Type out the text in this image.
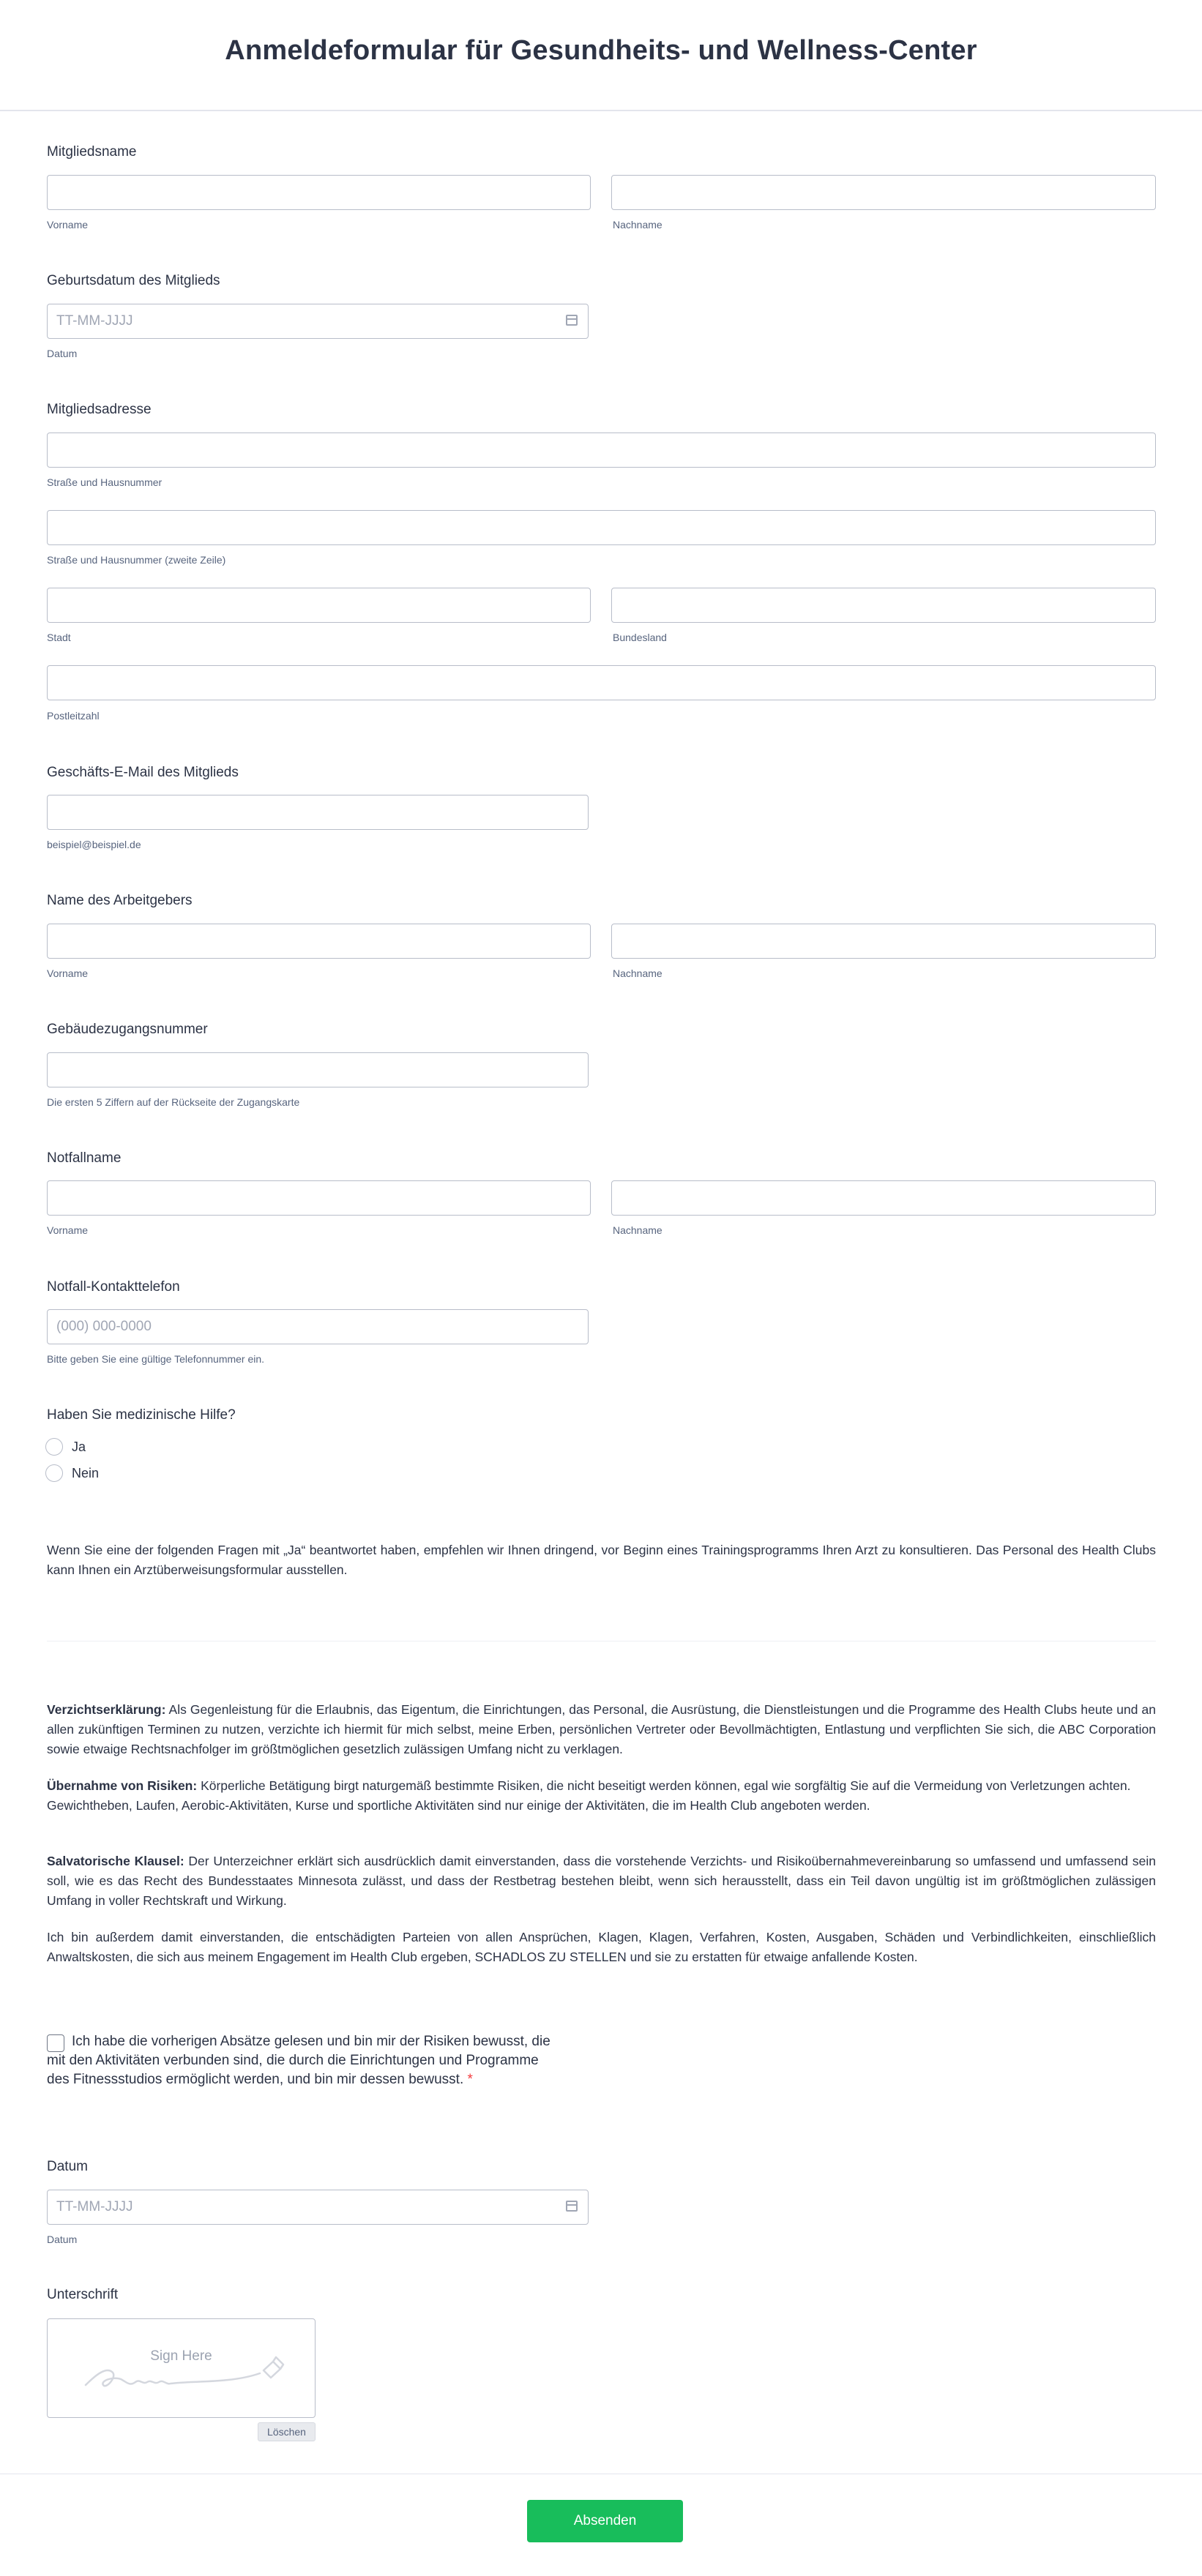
Anmeldeformular für Gesundheits- und Wellness-Center
Mitgliedsname
Vorname	Nachname
Geburtsdatum des Mitglieds
TT-MM-JJJJ
Datum
Mitgliedsadresse
Straße und Hausnummer
Straße und Hausnummer (zweite Zeile)
Stadt	Bundesland
Postleitzahl
Geschäfts-E-Mail des Mitglieds
beispiel@beispiel.de
Name des Arbeitgebers
Vorname	Nachname
Gebäudezugangsnummer
Die ersten 5 Ziffern auf der Rückseite der Zugangskarte
Notfallname
Vorname	Nachname
Notfall-Kontakttelefon
(000) 000-0000
Bitte geben Sie eine gültige Telefonnummer ein.
Haben Sie medizinische Hilfe?
Ja
Nein
Wenn Sie eine der folgenden Fragen mit „Ja“ beantwortet haben, empfehlen wir Ihnen dringend, vor Beginn eines Trainingsprogramms Ihren Arzt zu konsultieren. Das Personal des Health Clubs kann Ihnen ein Arztüberweisungsformular ausstellen.
Verzichtserklärung: Als Gegenleistung für die Erlaubnis, das Eigentum, die Einrichtungen, das Personal, die Ausrüstung, die Dienstleistungen und die Programme des Health Clubs heute und an allen zukünftigen Terminen zu nutzen, verzichte ich hiermit für mich selbst, meine Erben, persönlichen Vertreter oder Bevollmächtigten, Entlastung und verpflichten Sie sich, die ABC Corporation sowie etwaige Rechtsnachfolger im größtmöglichen gesetzlich zulässigen Umfang nicht zu verklagen.
Übernahme von Risiken: Körperliche Betätigung birgt naturgemäß bestimmte Risiken, die nicht beseitigt werden können, egal wie sorgfältig Sie auf die Vermeidung von Verletzungen achten.
Gewichtheben, Laufen, Aerobic-Aktivitäten, Kurse und sportliche Aktivitäten sind nur einige der Aktivitäten, die im Health Club angeboten werden.
Salvatorische Klausel: Der Unterzeichner erklärt sich ausdrücklich damit einverstanden, dass die vorstehende Verzichts- und Risikoübernahmevereinbarung so umfassend und umfassend sein soll, wie es das Recht des Bundesstaates Minnesota zulässt, und dass der Restbetrag bestehen bleibt, wenn sich herausstellt, dass ein Teil davon ungültig ist im größtmöglichen zulässigen Umfang in voller Rechtskraft und Wirkung.
Ich bin außerdem damit einverstanden, die entschädigten Parteien von allen Ansprüchen, Klagen, Klagen, Verfahren, Kosten, Ausgaben, Schäden und Verbindlichkeiten, einschließlich Anwaltskosten, die sich aus meinem Engagement im Health Club ergeben, SCHADLOS ZU STELLEN und sie zu erstatten für etwaige anfallende Kosten.
Ich habe die vorherigen Absätze gelesen und bin mir der Risiken bewusst, die mit den Aktivitäten verbunden sind, die durch die Einrichtungen und Programme des Fitnessstudios ermöglicht werden, und bin mir dessen bewusst. *
Datum
TT-MM-JJJJ
Datum
Unterschrift
Sign Here
Löschen
Absenden
